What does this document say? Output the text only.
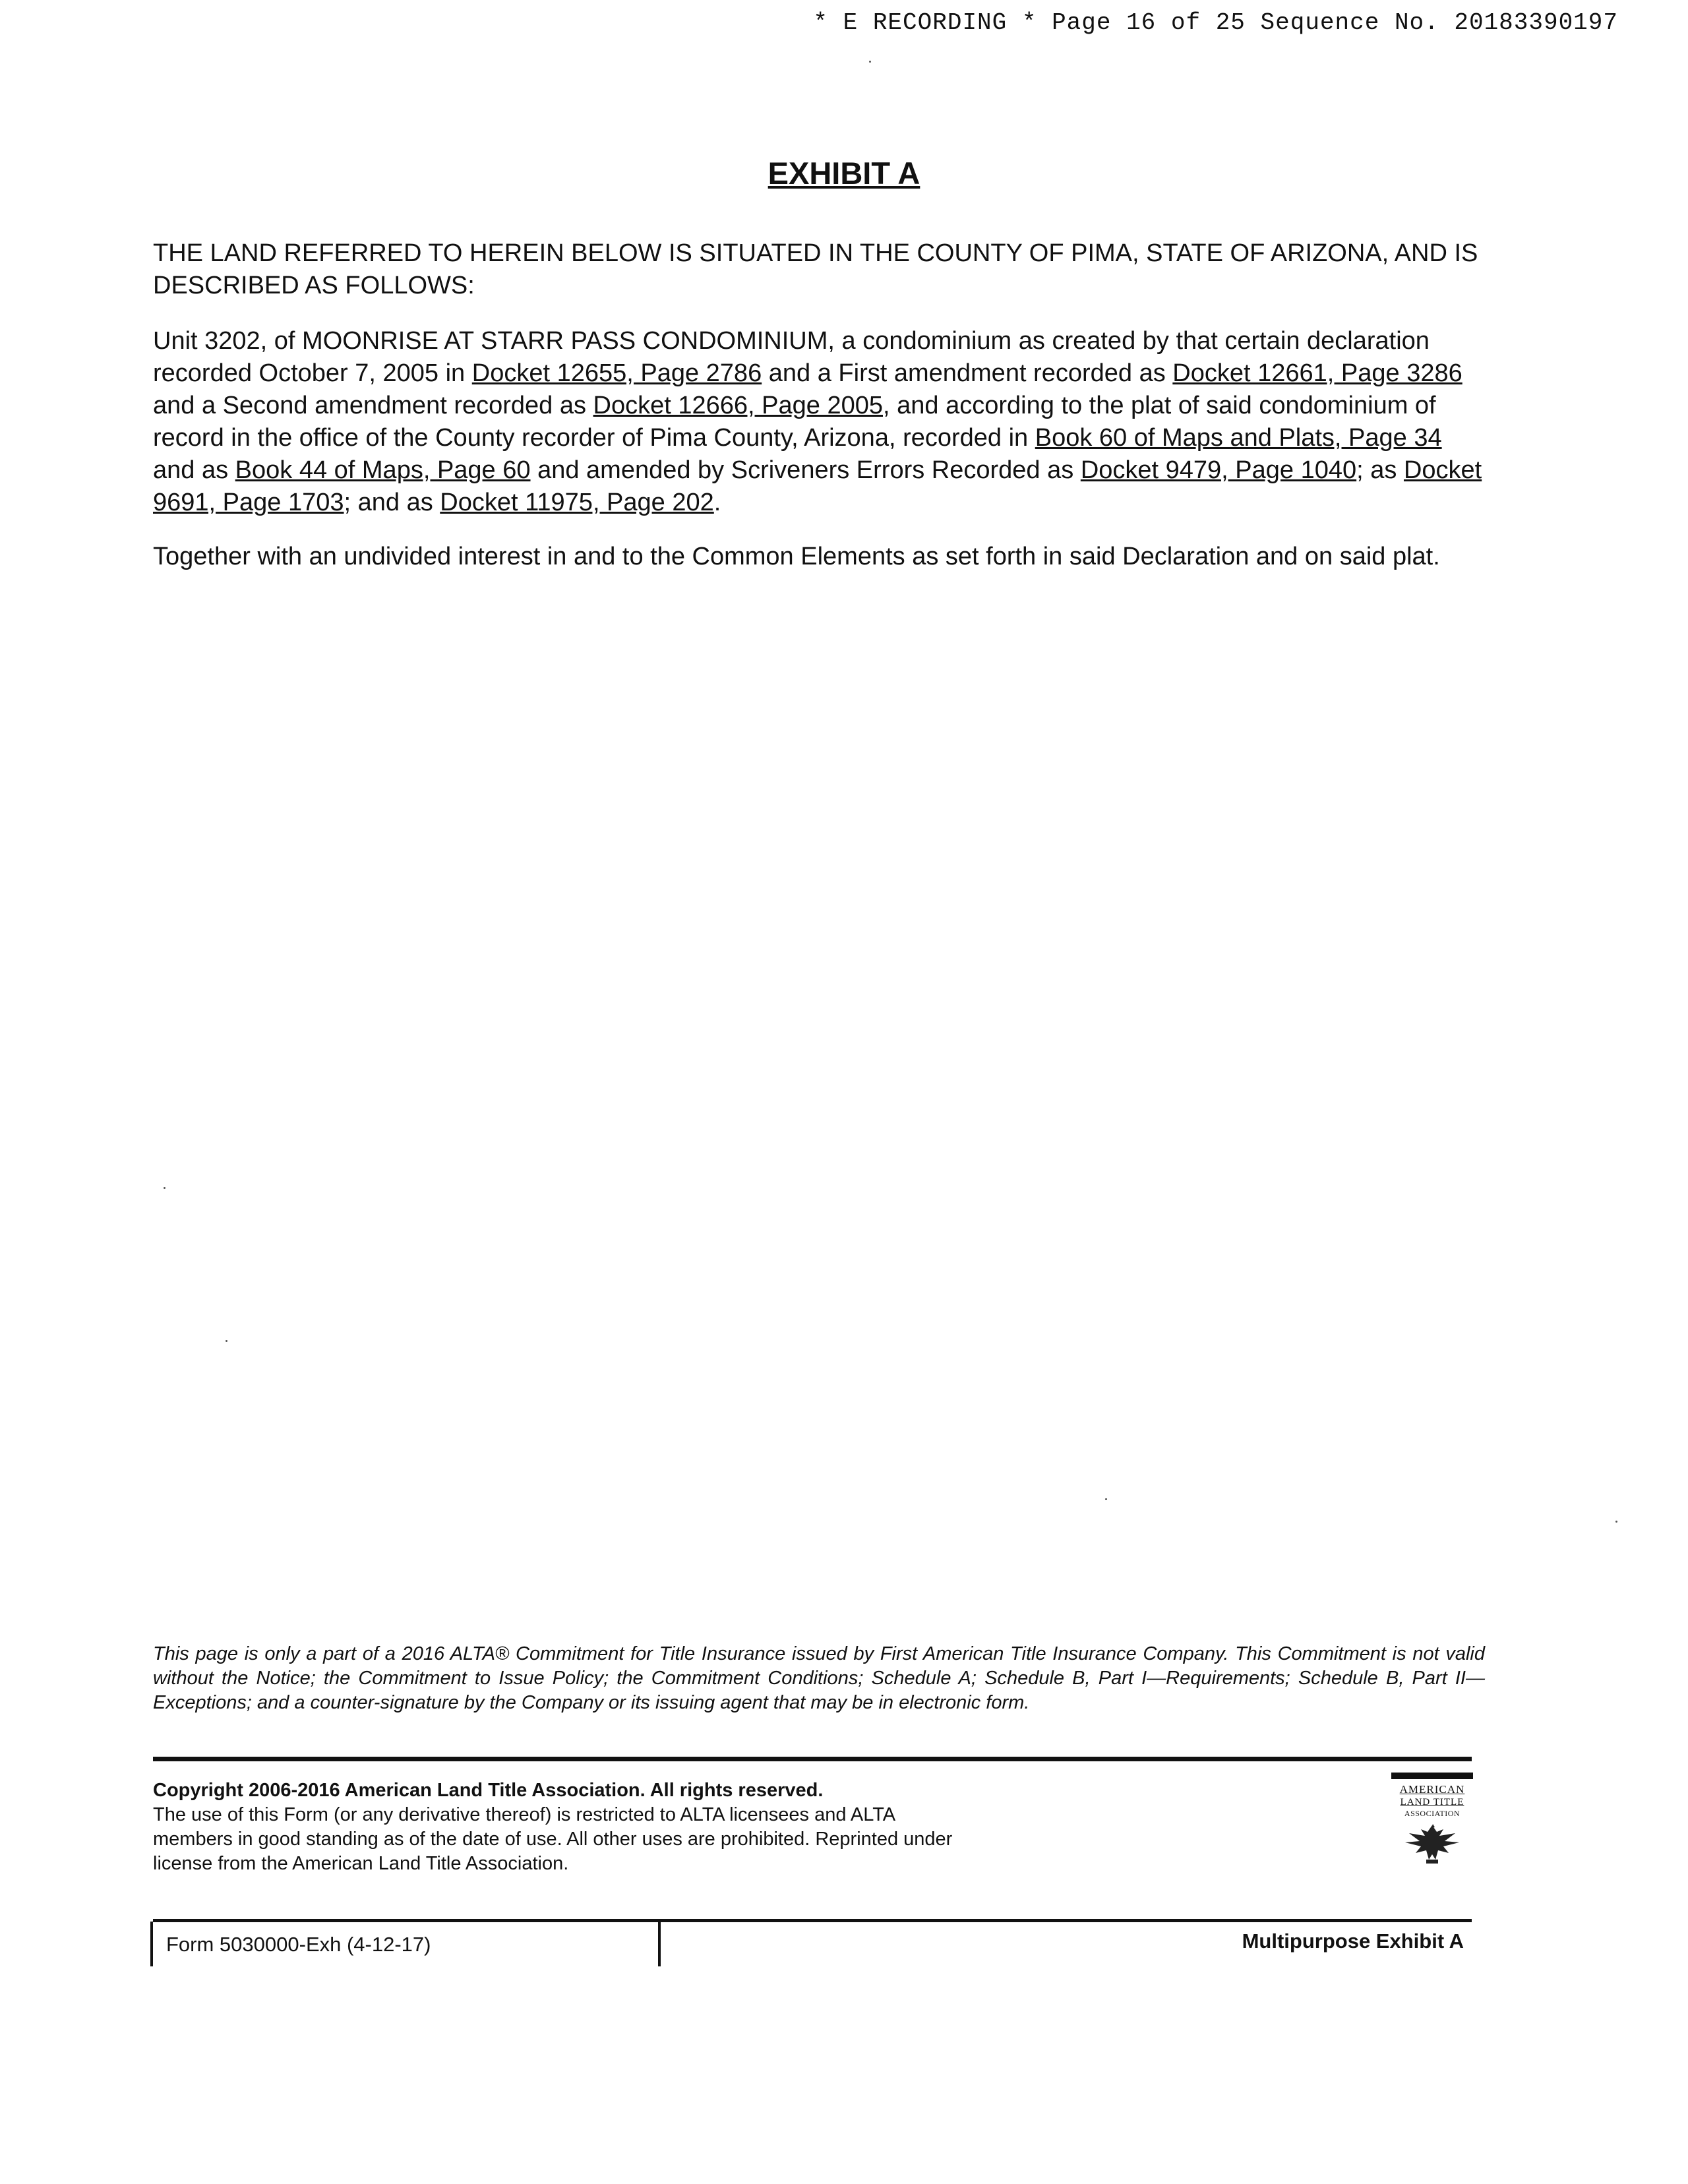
* E RECORDING * Page 16 of 25 Sequence No. 20183390197
EXHIBIT A
THE LAND REFERRED TO HEREIN BELOW IS SITUATED IN THE COUNTY OF PIMA, STATE OF ARIZONA, AND IS DESCRIBED AS FOLLOWS:
Unit 3202, of MOONRISE AT STARR PASS CONDOMINIUM, a condominium as created by that certain declaration recorded October 7, 2005 in Docket 12655, Page 2786 and a First amendment recorded as Docket 12661, Page 3286 and a Second amendment recorded as Docket 12666, Page 2005, and according to the plat of said condominium of record in the office of the County recorder of Pima County, Arizona, recorded in Book 60 of Maps and Plats, Page 34 and as Book 44 of Maps, Page 60 and amended by Scriveners Errors Recorded as Docket 9479, Page 1040; as Docket 9691, Page 1703; and as Docket 11975, Page 202.
Together with an undivided interest in and to the Common Elements as set forth in said Declaration and on said plat.
This page is only a part of a 2016 ALTA® Commitment for Title Insurance issued by First American Title Insurance Company. This Commitment is not valid without the Notice; the Commitment to Issue Policy; the Commitment Conditions; Schedule A; Schedule B, Part I—Requirements; Schedule B, Part II—Exceptions; and a counter-signature by the Company or its issuing agent that may be in electronic form.
Copyright 2006-2016 American Land Title Association. All rights reserved.
The use of this Form (or any derivative thereof) is restricted to ALTA licensees and ALTA members in good standing as of the date of use. All other uses are prohibited. Reprinted under license from the American Land Title Association.
AMERICAN
LAND TITLE
ASSOCIATION
Form 5030000-Exh (4-12-17)	Multipurpose Exhibit A
